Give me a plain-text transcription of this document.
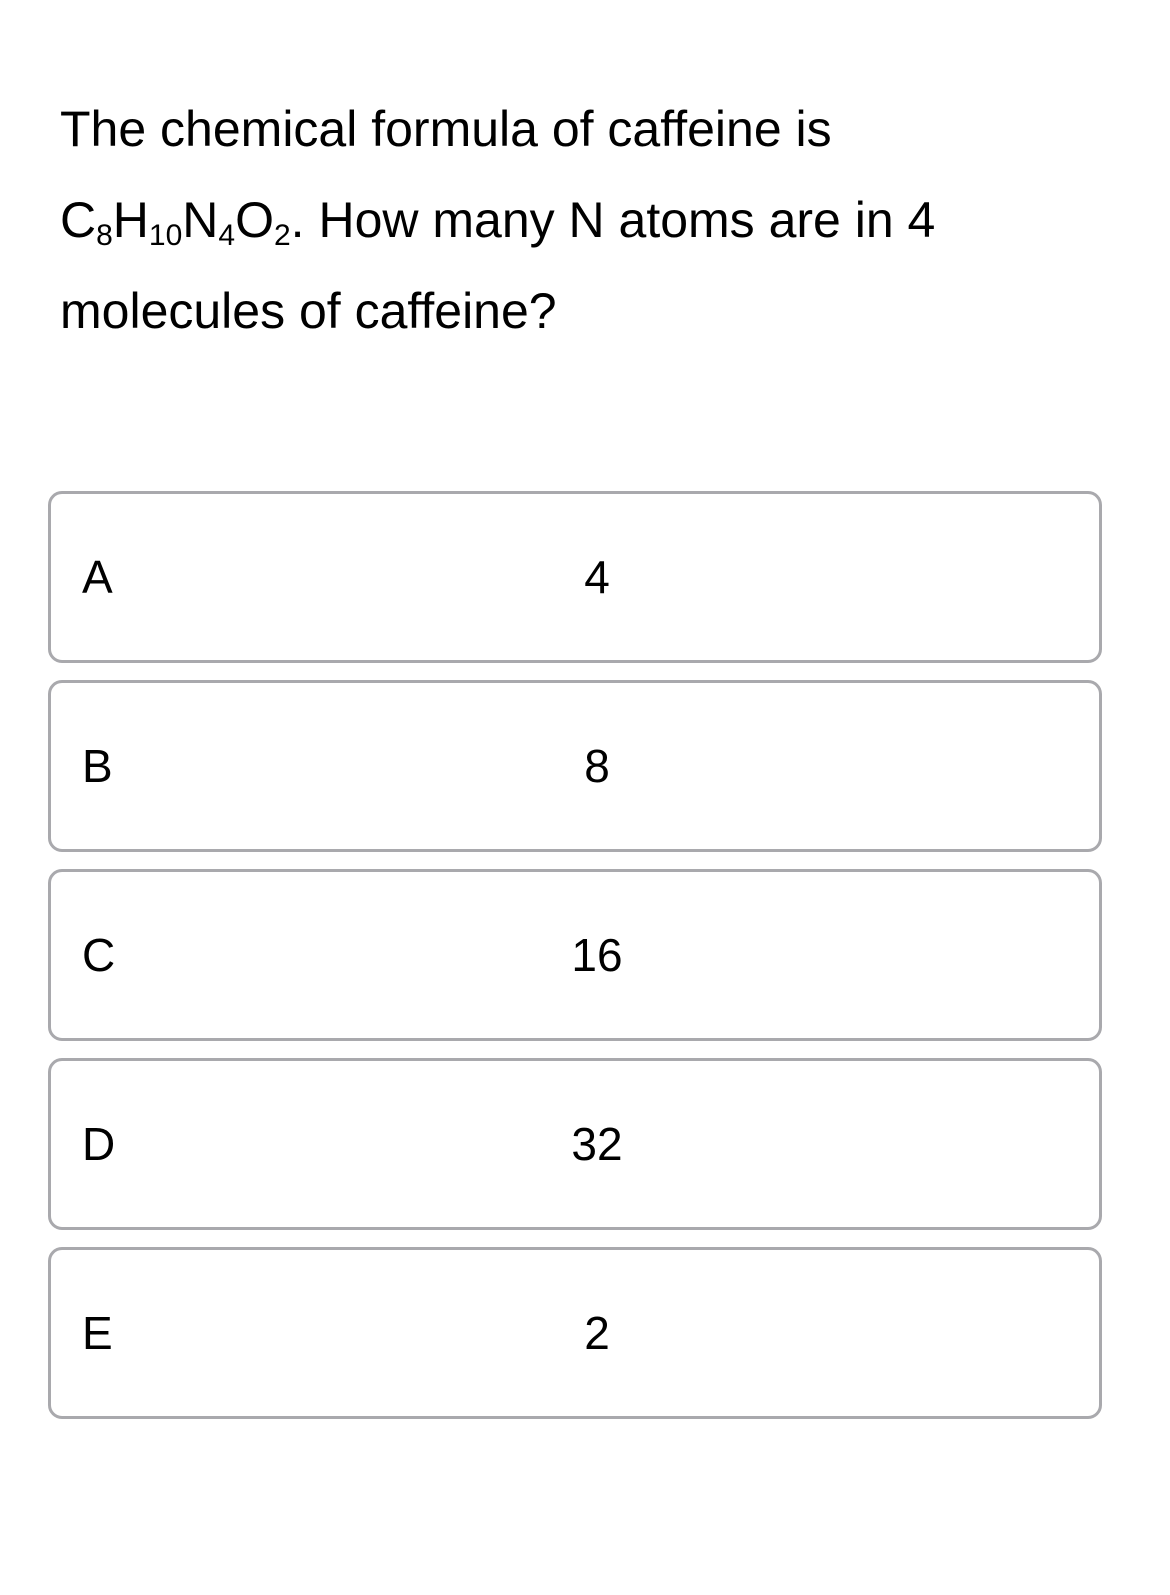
The chemical formula of caffeine is
$C_8H_{10}N_4O_2$. How many N atoms are in 4 molecules of caffeine?

A	4
B	8
C	16
D	32
E	2
